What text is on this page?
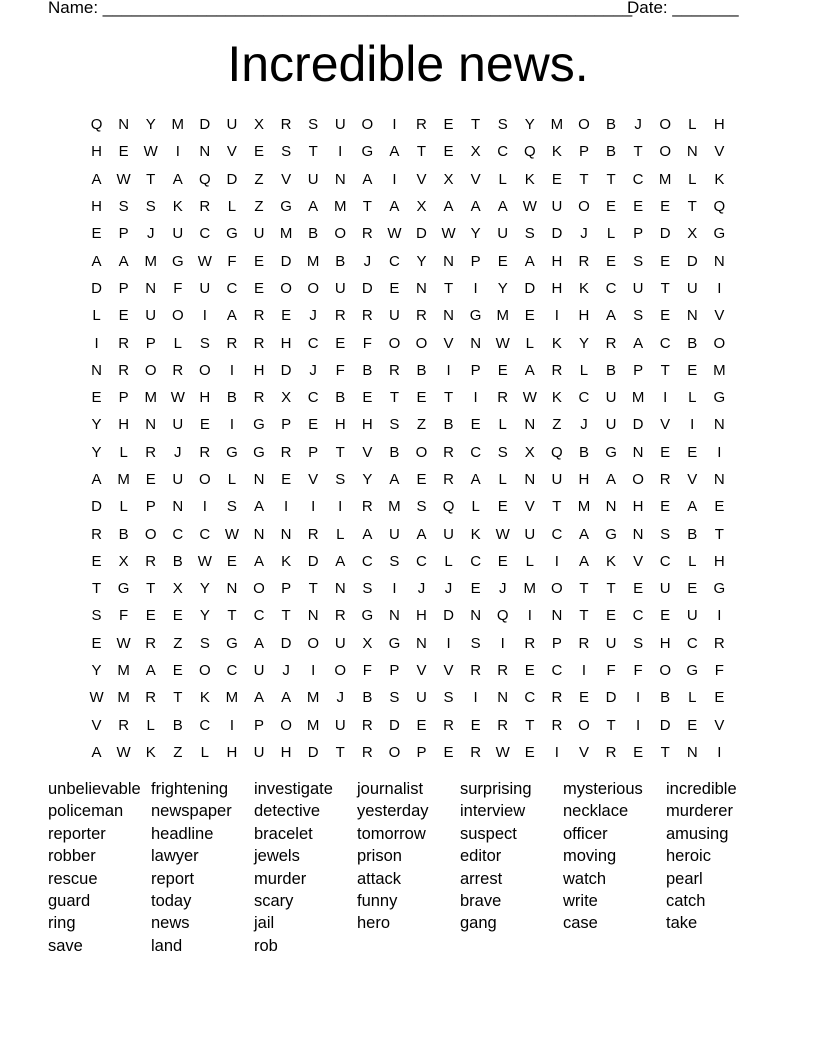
Name: ________________________________________________________
Date: _______
Incredible news.
Q	N	Y	M	D	U	X	R	S	U	O	I	R	E	T	S	Y	M	O	B	J	O	L	H
H	E W	I	N	V	E	S	T	I	G	A	T	E	X	C	Q	K	P	B	T	O	N	V
A W	T	A	Q	D	Z	V	U	N	A	I	V	X	V	L	K	E	T	T	C	M	L	K
H	S	S	K	R	L	Z	G	A	M	T	A	X	A	A	A W U	O	E	E	E	T	Q
E	P	J	U	C	G	U	M	B	O	R W D W Y	U	S	D	J	L	P	D	X	G
A	A	M	G W	F	E	D	M	B	J	C	Y	N	P	E	A	H	R	E	S	E	D	N
D	P	N	F	U	C	E	O	O	U	D	E	N	T	I	Y	D	H	K	C	U	T	U	I
L	E	U	O	I	A	R	E	J	R	R	U	R	N	G M	E	I	H	A	S	E	N	V
I	R	P	L	S	R	R	H	C	E	F	O	O	V	N W	L	K	Y	R	A	C	B	O
N	R	O	R	O	I	H	D	J	F	B	R	B	I	P	E	A	R	L	B	P	T	E	M
E	P	M W H	B	R	X	C	B	E	T	E	T	I	R W K	C	U	M	I	L	G
Y	H	N	U	E	I	G	P	E	H	H	S	Z	B	E	L	N	Z	J	U	D	V	I	N
Y	L	R	J	R	G	G	R	P	T	V	B	O	R	C	S	X	Q	B	G	N	E	E	I
A	M	E	U	O	L	N	E	V	S	Y	A	E	R	A	L	N	U	H	A	O	R	V	N
D	L	P	N	I	S	A	I	I	I	R	M	S	Q	L	E	V	T	M	N	H	E	A	E
R	B	O	C	C W N	N	R	L	A	U	A	U	K W U	C	A	G	N	S	B	T
E	X	R	B W E	A	K	D	A	C	S	C	L	C	E	L	I	A	K	V	C	L	H
T	G	T	X	Y	N	O	P	T	N	S	I	J	J	E	J	M	O	T	T	E	U	E	G
S	F	E	E	Y	T	C	T	N	R	G	N	H	D	N	Q	I	N	T	E	C	E	U	I
E W R	Z	S	G	A	D	O	U	X	G	N	I	S	I	R	P	R	U	S	H	C	R
Y	M	A	E	O	C	U	J	I	O	F	P	V	V	R	R	E	C	I	F	F	O	G	F
W M	R	T	K	M	A	A	M	J	B	S	U	S	I	N	C	R	E	D	I	B	L	E
V	R	L	B	C	I	P	O M	U	R	D	E	R	E	R	T	R	O	T	I	D	E	V
A W K	Z	L	H	U	H	D	T	R	O	P	E	R W E	I	V	R	E	T	N	I
unbelievable frightening	investigate	journalist	surprising	mysterious	incredible
policeman	newspaper	detective	yesterday	interview	necklace	murderer
reporter	headline	bracelet	tomorrow	suspect	officer	amusing
robber	lawyer	jewels	prison	editor	moving	heroic
rescue	report	murder	attack	arrest	watch	pearl
guard	today	scary	funny	brave	write	catch
ring	news	jail	hero	gang	case	take
save	land	rob
